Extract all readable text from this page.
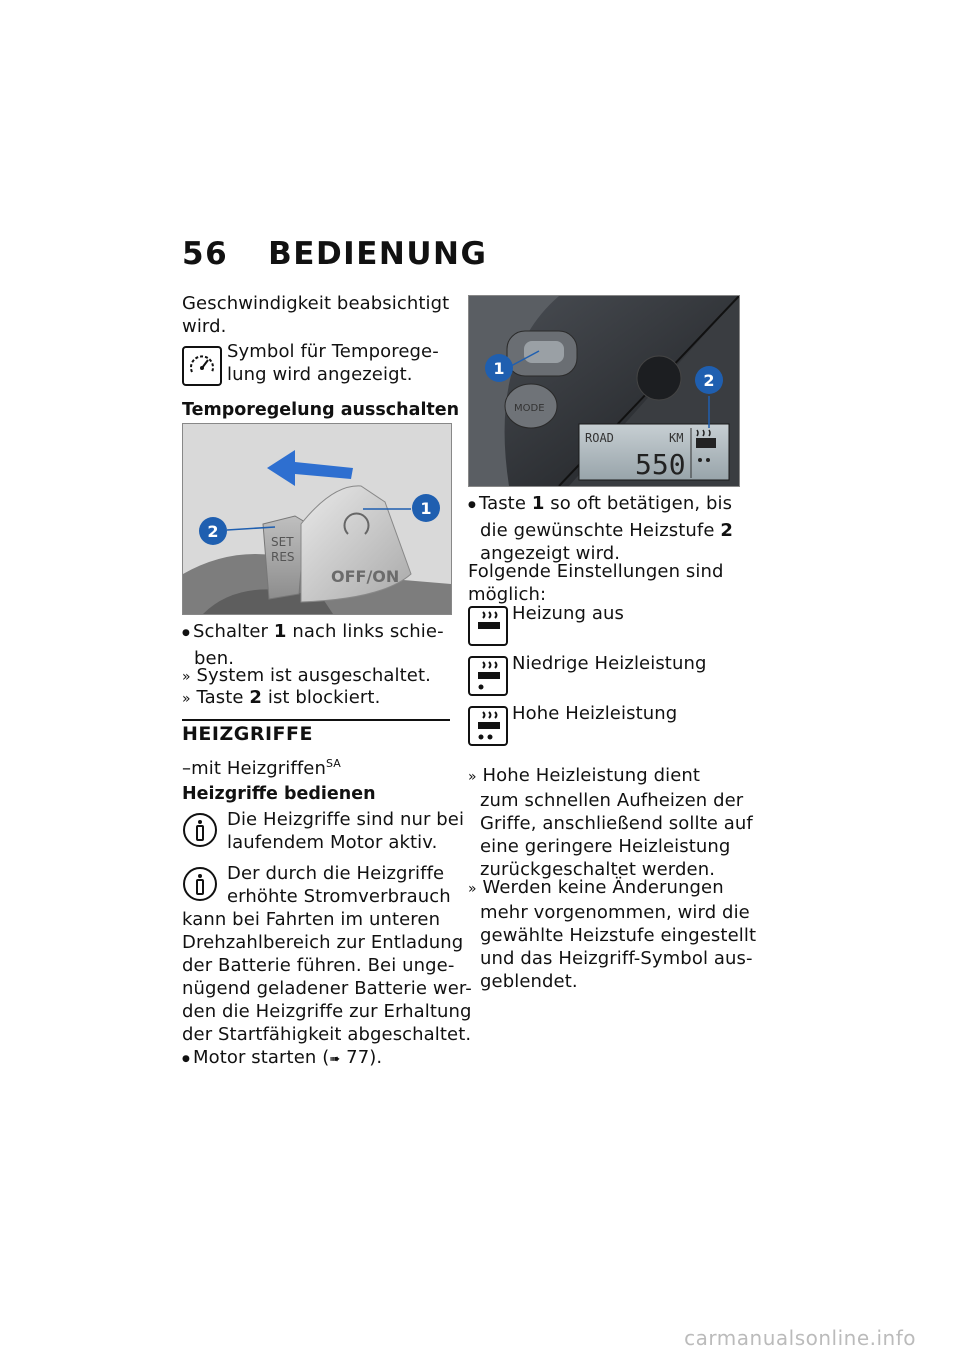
56 BEDIENUNG
Geschwindigkeit beabsichtigt
wird.
Symbol für Temporege-
lung wird angezeigt.
Temporegelung ausschalten
SET
RES
OFF/ON
1
2
● Schalter 1 nach links schie-
ben.
» System ist ausgeschaltet.
» Taste 2 ist blockiert.
HEIZGRIFFE
–mit Heizgriffen$^{SA}$
Heizgriffe bedienen
Die Heizgriffe sind nur bei
laufendem Motor aktiv.
Der durch die Heizgriffe
erhöhte Stromverbrauch
kann bei Fahrten im unteren
Drehzahlbereich zur Entladung
der Batterie führen. Bei unge-
nügend geladener Batterie wer-
den die Heizgriffe zur Erhaltung
der Startfähigkeit abgeschaltet.
● Motor starten (➠ 77).
MODE
ROAD	KM
550
1
2
● Taste 1 so oft betätigen, bis
die gewünschte Heizstufe 2
angezeigt wird.
Folgende Einstellungen sind
möglich:
Heizung aus
Niedrige Heizleistung
Hohe Heizleistung
» Hohe Heizleistung dient
zum schnellen Aufheizen der
Griffe, anschließend sollte auf
eine geringere Heizleistung
zurückgeschaltet werden.
» Werden keine Änderungen
mehr vorgenommen, wird die
gewählte Heizstufe eingestellt
und das Heizgriff-Symbol aus-
geblendet.
carmanualsonline.info
